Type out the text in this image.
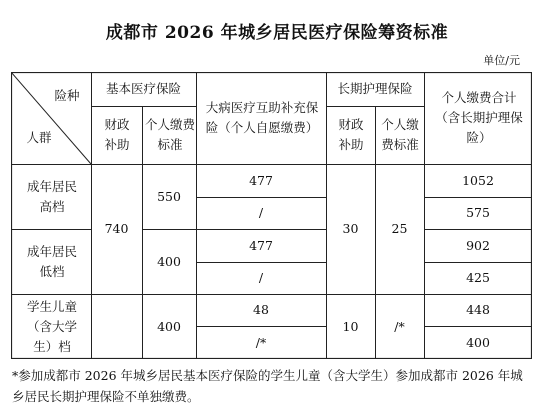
成都市 2026 年城乡居民医疗保险筹资标准
单位/元
险种
人群
基本医疗保险
财政补助
个人缴费标准
大病医疗互助补充保险（个人自愿缴费）
长期护理保险
财政补助
个人缴费标准
个人缴费合计（含长期护理保险）
成年居民高档
成年居民低档
学生儿童（含大学生）档
740
550
400
400
477
/
477
/
48
/*
30	25
10	/*
1052
575
902
425
448
400
*参加成都市 2026 年城乡居民基本医疗保险的学生儿童（含大学生）参加成都市 2026 年城乡居民长期护理保险不单独缴费。
